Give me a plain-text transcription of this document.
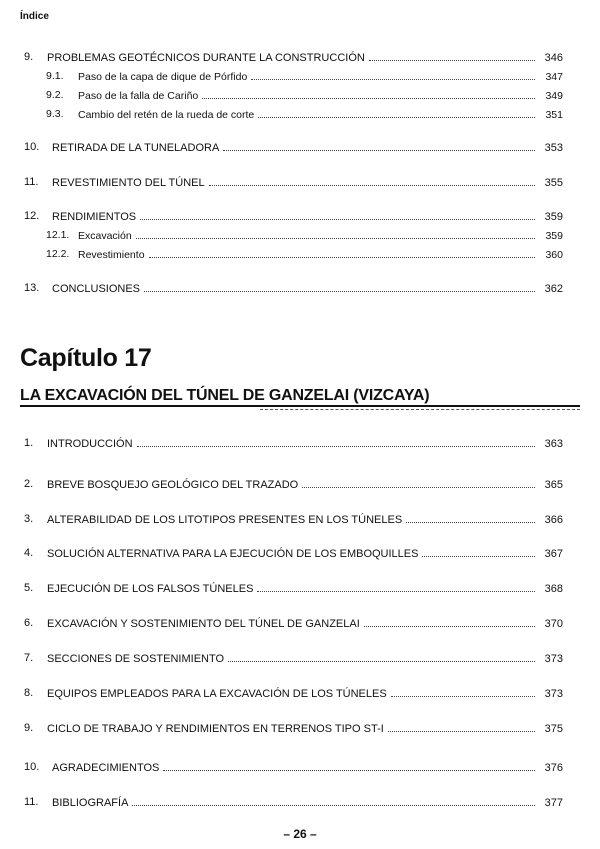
Índice
9. PROBLEMAS GEOTÉCNICOS DURANTE LA CONSTRUCCIÓN	346
9.1. Paso de la capa de dique de Pórfido	347
9.2. Paso de la falla de Cariño	349
9.3. Cambio del retén de la rueda de corte	351
10. RETIRADA DE LA TUNELADORA	353
11. REVESTIMIENTO DEL TÚNEL	355
12. RENDIMIENTOS	359
12.1. Excavación	359
12.2. Revestimiento	360
13. CONCLUSIONES	362
Capítulo 17
LA EXCAVACIÓN DEL TÚNEL DE GANZELAI (VIZCAYA)
1. INTRODUCCIÓN	363
2. BREVE BOSQUEJO GEOLÓGICO DEL TRAZADO	365
3. ALTERABILIDAD DE LOS LITOTIPOS PRESENTES EN LOS TÚNELES	366
4. SOLUCIÓN ALTERNATIVA PARA LA EJECUCIÓN DE LOS EMBOQUILLES	367
5. EJECUCIÓN DE LOS FALSOS TÚNELES	368
6. EXCAVACIÓN Y SOSTENIMIENTO DEL TÚNEL DE GANZELAI	370
7. SECCIONES DE SOSTENIMIENTO	373
8. EQUIPOS EMPLEADOS PARA LA EXCAVACIÓN DE LOS TÚNELES	373
9. CICLO DE TRABAJO Y RENDIMIENTOS EN TERRENOS TIPO ST-I	375
10. AGRADECIMIENTOS	376
11. BIBLIOGRAFÍA	377
– 26 –
